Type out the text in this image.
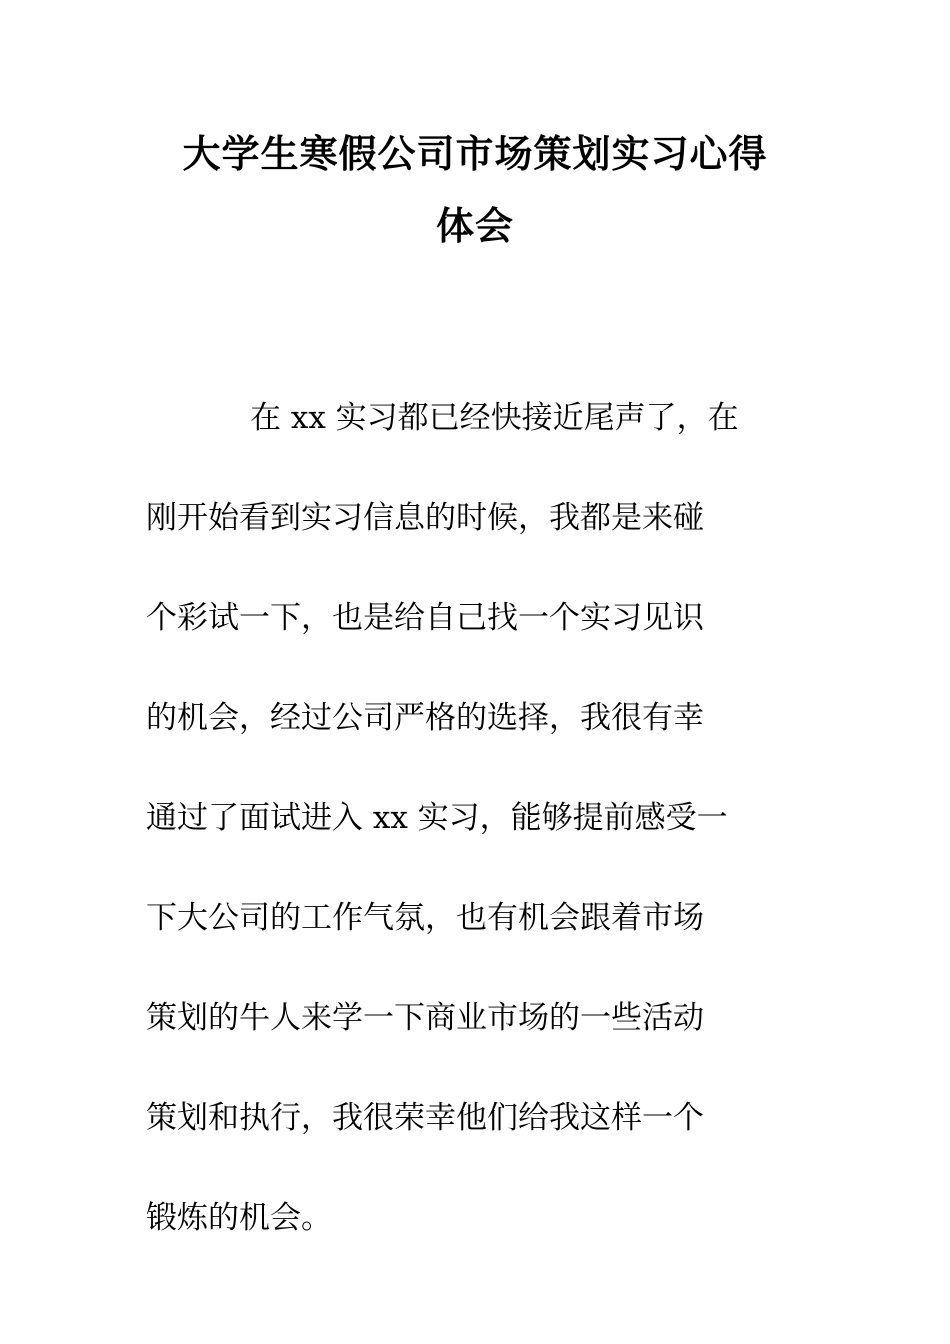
大学生寒假公司市场策划实习心得
体会
在 xx 实习都已经快接近尾声了，在
刚开始看到实习信息的时候，我都是来碰
个彩试一下，也是给自己找一个实习见识
的机会，经过公司严格的选择，我很有幸
通过了面试进入 xx 实习，能够提前感受一
下大公司的工作气氛，也有机会跟着市场
策划的牛人来学一下商业市场的一些活动
策划和执行，我很荣幸他们给我这样一个
锻炼的机会。
